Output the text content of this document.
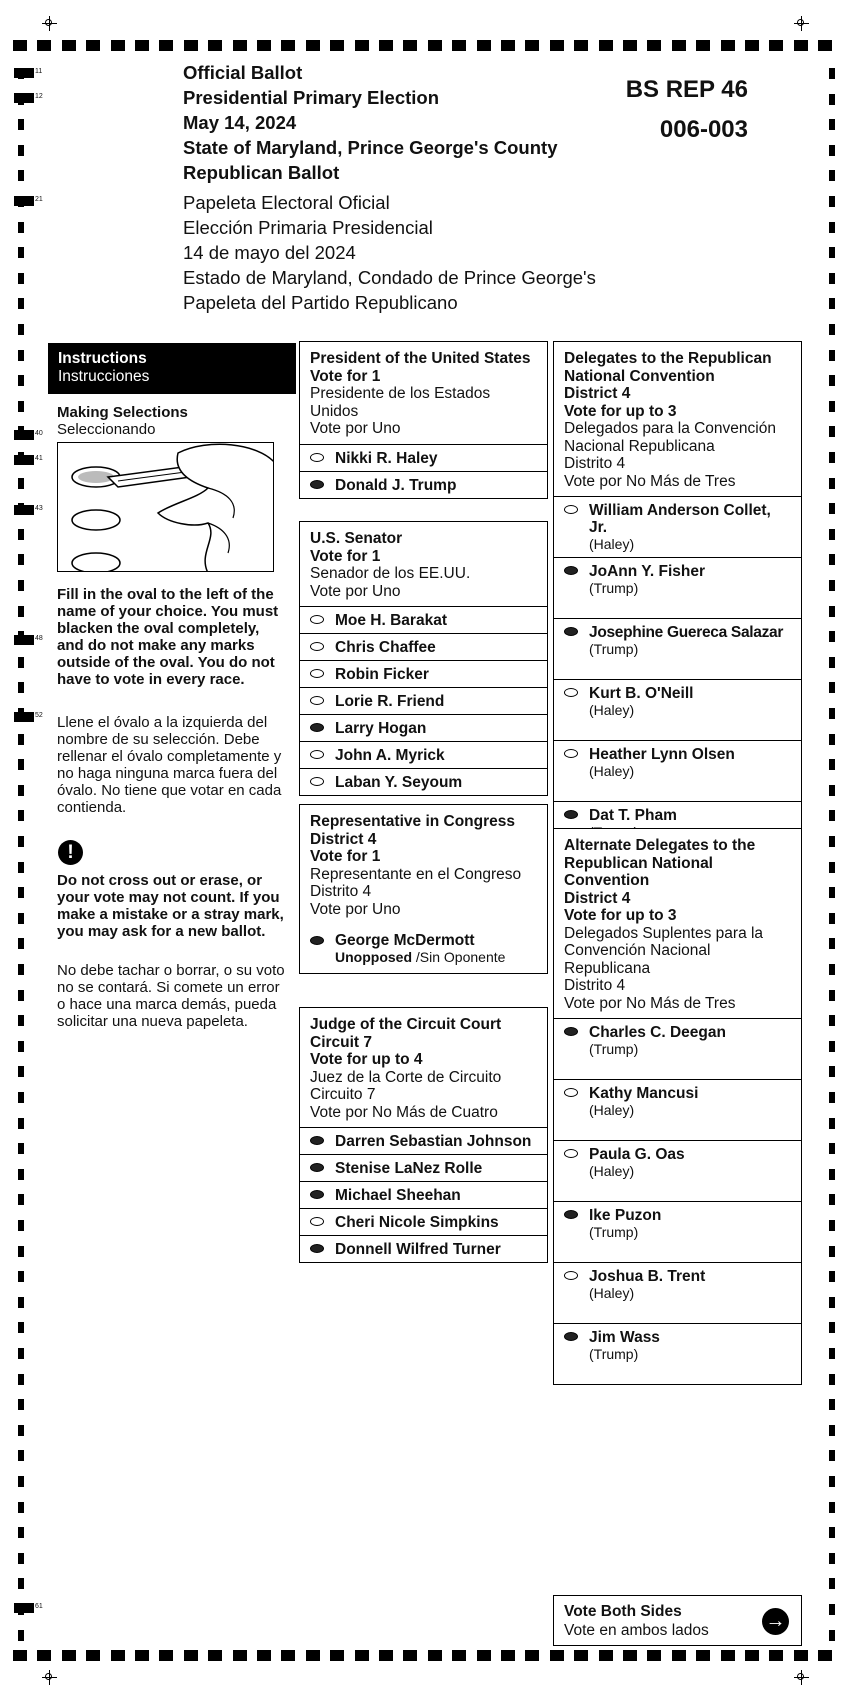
11
12
21
40
41
43
48
52
61
Official Ballot
Presidential Primary Election
May 14, 2024
State of Maryland, Prince George's County
Republican Ballot
Papeleta Electoral Oficial
Elección Primaria Presidencial
14 de mayo del 2024
Estado de Maryland, Condado de Prince George's
Papeleta del Partido Republicano
BS REP 46
006-003
Instructions
Instrucciones
Making Selections
Seleccionando
Fill in the oval to the left of the name of your choice. You must blacken the oval completely, and do not make any marks outside of the oval. You do not have to vote in every race.
Llene el óvalo a la izquierda del nombre de su selección. Debe rellenar el óvalo completamente y no haga ninguna marca fuera del óvalo. No tiene que votar en cada contienda.
!
Do not cross out or erase, or your vote may not count. If you make a mistake or a stray mark, you may ask for a new ballot.
No debe tachar o borrar, o su voto no se contará. Si comete un error o hace una marca demás, pueda solicitar una nueva papeleta.
President of the United States
Vote for 1
Presidente de los Estados Unidos
Vote por Uno
Nikki R. Haley
Donald J. Trump
U.S. Senator
Vote for 1
Senador de los EE.UU.
Vote por Uno
Moe H. Barakat
Chris Chaffee
Robin Ficker
Lorie R. Friend
Larry Hogan
John A. Myrick
Laban Y. Seyoum
Representative in Congress
District 4
Vote for 1
Representante en el Congreso
Distrito 4
Vote por Uno
George McDermott
Unopposed /Sin Oponente
Judge of the Circuit Court
Circuit 7
Vote for up to 4
Juez de la Corte de Circuito
Circuito 7
Vote por No Más de Cuatro
Darren Sebastian Johnson
Stenise LaNez Rolle
Michael Sheehan
Cheri Nicole Simpkins
Donnell Wilfred Turner
Delegates to the Republican National Convention
District 4
Vote for up to 3
Delegados para la Convención Nacional Republicana
Distrito 4
Vote por No Más de Tres
William Anderson Collet, Jr.
(Haley)
JoAnn Y. Fisher
(Trump)
Josephine Guereca Salazar
(Trump)
Kurt B. O'Neill
(Haley)
Heather Lynn Olsen
(Haley)
Dat T. Pham
Alternate Delegates to the Republican National Convention
District 4
Vote for up to 3
Delegados Suplentes para la Convención Nacional Republicana
Distrito 4
Vote por No Más de Tres
Charles C. Deegan
(Trump)
Kathy Mancusi
(Haley)
Paula G. Oas
(Haley)
Ike Puzon
(Trump)
Joshua B. Trent
(Haley)
Jim Wass
(Trump)
Vote Both Sides
Vote en ambos lados	→
